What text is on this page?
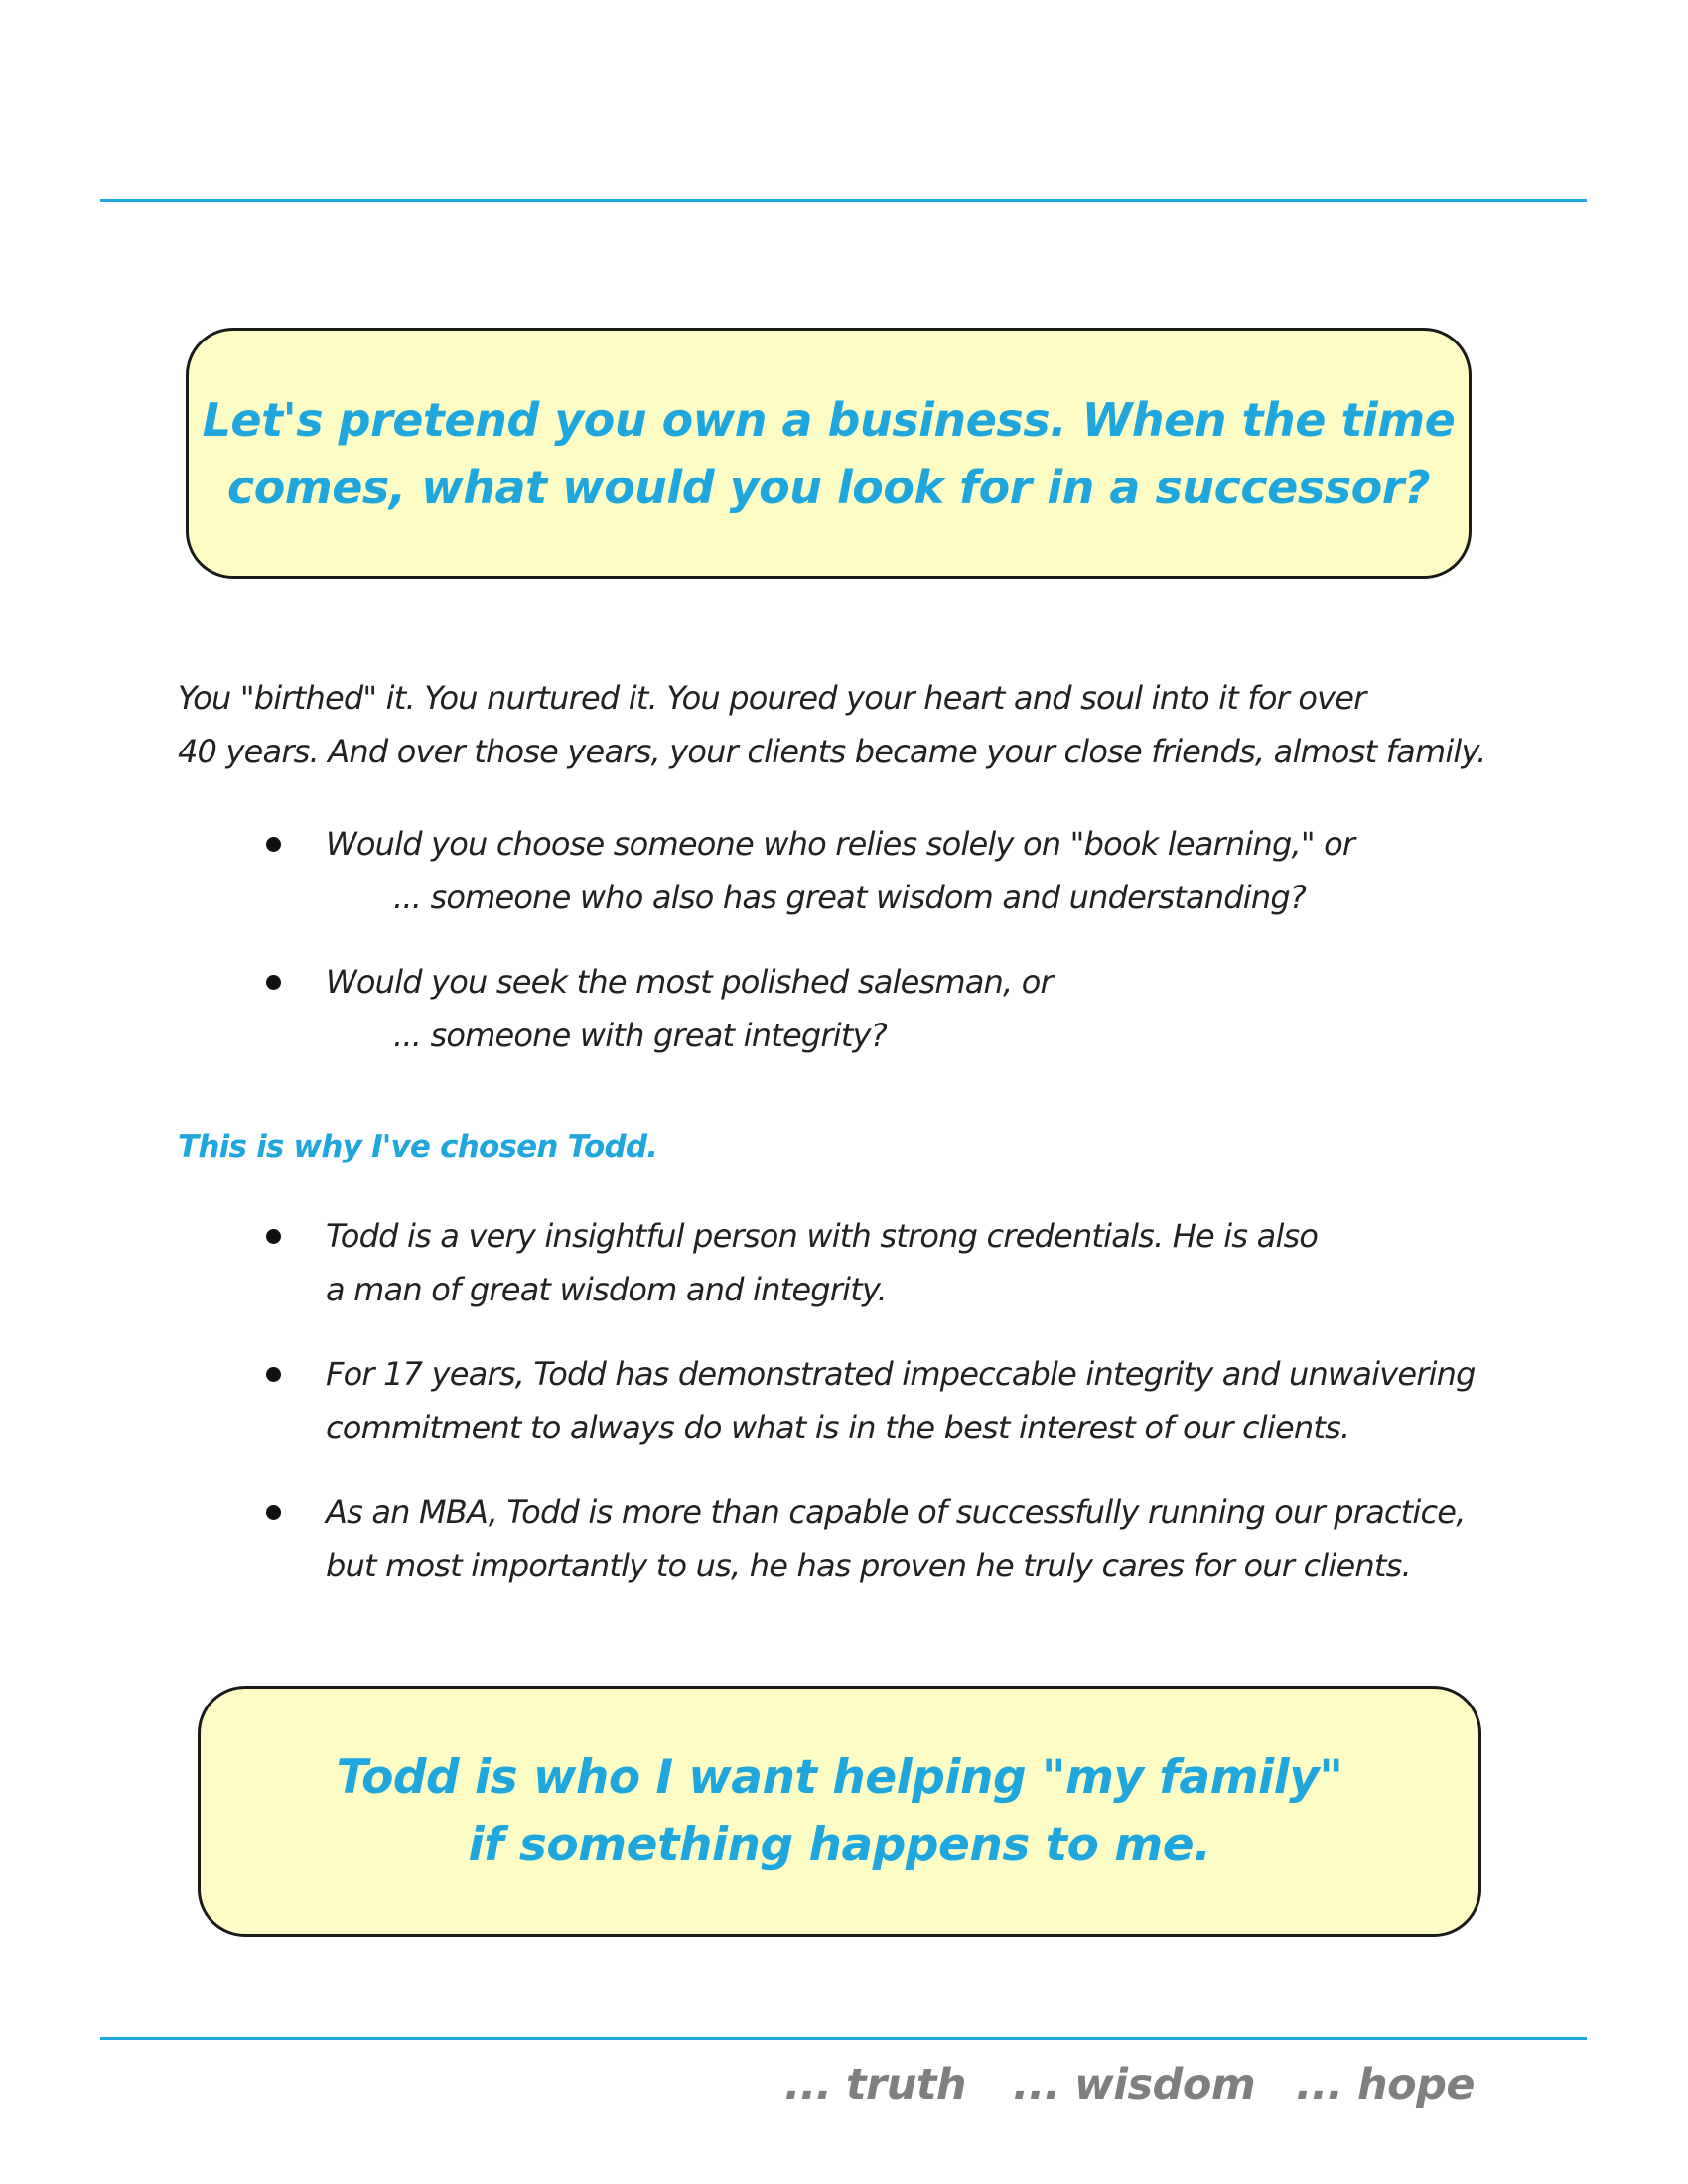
Let's pretend you own a business. When the time
comes, what would you look for in a successor?
You "birthed" it. You nurtured it. You poured your heart and soul into it for over
40 years. And over those years, your clients became your close friends, almost family.
Would you choose someone who relies solely on "book learning," or
... someone who also has great wisdom and understanding?
Would you seek the most polished salesman, or
... someone with great integrity?
This is why I've chosen Todd.
Todd is a very insightful person with strong credentials. He is also
a man of great wisdom and integrity.
For 17 years, Todd has demonstrated impeccable integrity and unwaivering
commitment to always do what is in the best interest of our clients.
As an MBA, Todd is more than capable of successfully running our practice,
but most importantly to us, he has proven he truly cares for our clients.
Todd is who I want helping "my family"
if something happens to me.
... truth ... wisdom ... hope
